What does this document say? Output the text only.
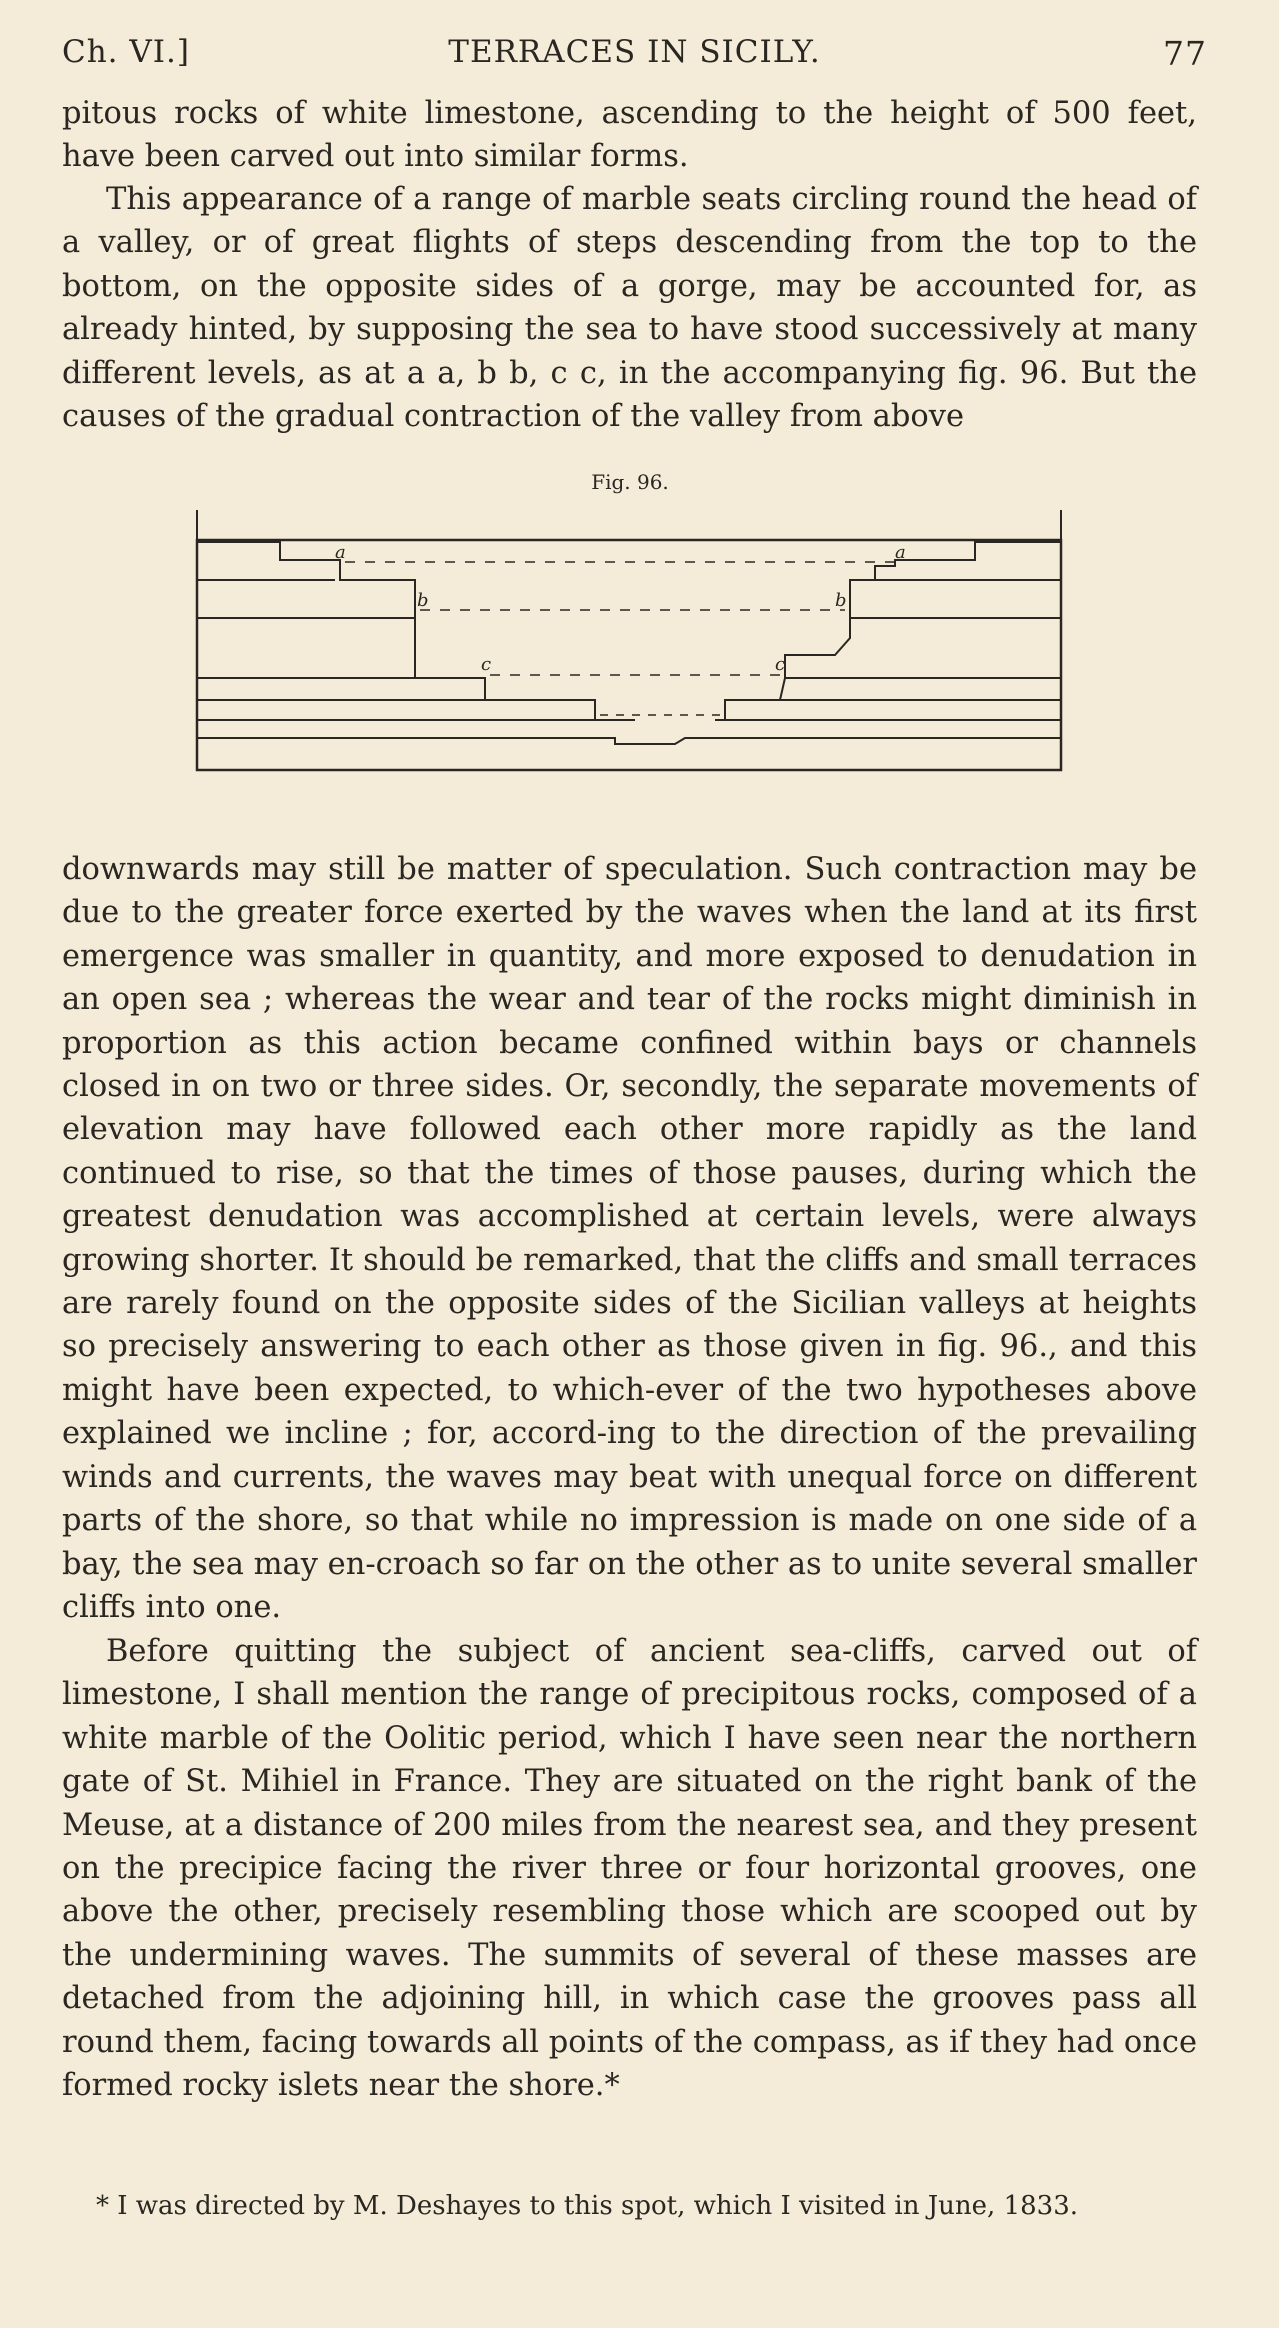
Ch. VI.]	TERRACES IN SICILY.	77
pitous rocks of white limestone, ascending to the height of 500 feet, have been carved out into similar forms.
This appearance of a range of marble seats circling round the head of a valley, or of great flights of steps descending from the top to the bottom, on the opposite sides of a gorge, may be accounted for, as already hinted, by supposing the sea to have stood successively at many different levels, as at a a, b b, c c, in the accompanying fig. 96. But the causes of the gradual contraction of the valley from above
Fig. 96.
a	a
b	b
c	c
downwards may still be matter of speculation. Such contraction may be due to the greater force exerted by the waves when the land at its first emergence was smaller in quantity, and more exposed to denudation in an open sea ; whereas the wear and tear of the rocks might diminish in proportion as this action became confined within bays or channels closed in on two or three sides. Or, secondly, the separate movements of elevation may have followed each other more rapidly as the land continued to rise, so that the times of those pauses, during which the greatest denudation was accomplished at certain levels, were always growing shorter. It should be remarked, that the cliffs and small terraces are rarely found on the opposite sides of the Sicilian valleys at heights so precisely answering to each other as those given in fig. 96., and this might have been expected, to which-ever of the two hypotheses above explained we incline ; for, accord-ing to the direction of the prevailing winds and currents, the waves may beat with unequal force on different parts of the shore, so that while no impression is made on one side of a bay, the sea may en-croach so far on the other as to unite several smaller cliffs into one.
Before quitting the subject of ancient sea-cliffs, carved out of limestone, I shall mention the range of precipitous rocks, composed of a white marble of the Oolitic period, which I have seen near the northern gate of St. Mihiel in France. They are situated on the right bank of the Meuse, at a distance of 200 miles from the nearest sea, and they present on the precipice facing the river three or four horizontal grooves, one above the other, precisely resembling those which are scooped out by the undermining waves. The summits of several of these masses are detached from the adjoining hill, in which case the grooves pass all round them, facing towards all points of the compass, as if they had once formed rocky islets near the shore.*
* I was directed by M. Deshayes to this spot, which I visited in June, 1833.
